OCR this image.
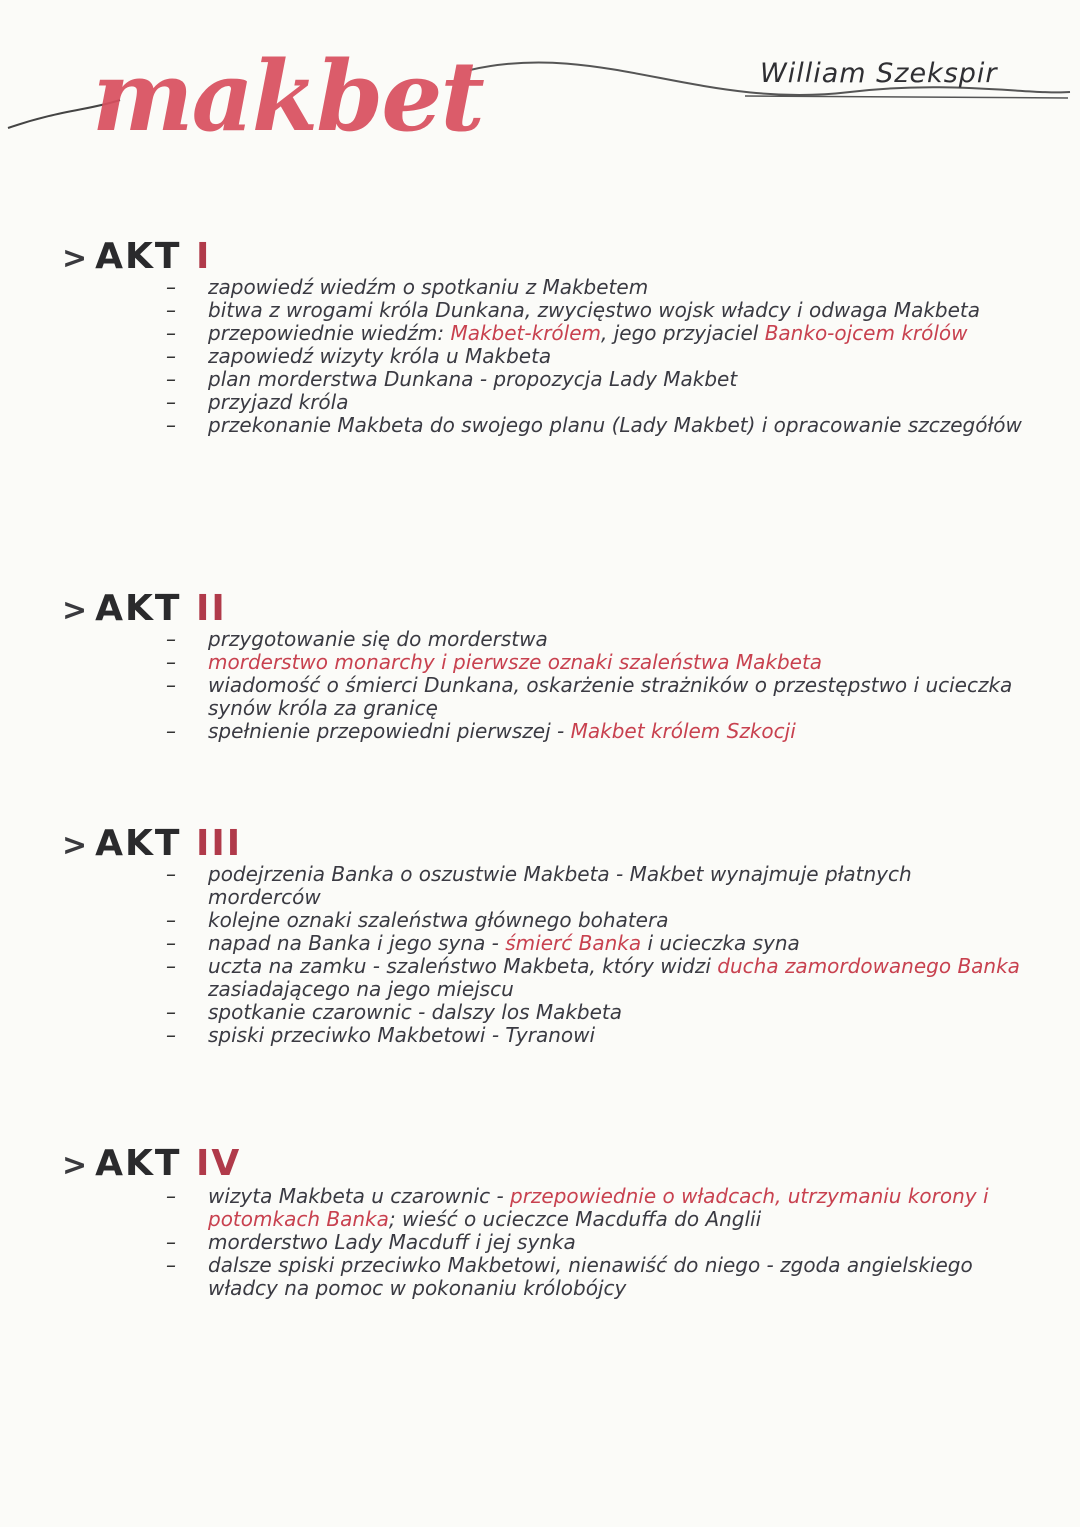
makbet	William Szekspir
> AKT I
– zapowiedź wiedźm o spotkaniu z Makbetem
– bitwa z wrogami króla Dunkana, zwycięstwo wojsk władcy i odwaga Makbeta
– przepowiednie wiedźm: Makbet-królem, jego przyjaciel Banko-ojcem królów
– zapowiedź wizyty króla u Makbeta
– plan morderstwa Dunkana - propozycja Lady Makbet
– przyjazd króla
– przekonanie Makbeta do swojego planu (Lady Makbet) i opracowanie szczegółów
> AKT II
– przygotowanie się do morderstwa
– morderstwo monarchy i pierwsze oznaki szaleństwa Makbeta
– wiadomość o śmierci Dunkana, oskarżenie strażników o przestępstwo i ucieczka synów króla za granicę
– spełnienie przepowiedni pierwszej - Makbet królem Szkocji
> AKT III
– podejrzenia Banka o oszustwie Makbeta - Makbet wynajmuje płatnych morderców
– kolejne oznaki szaleństwa głównego bohatera
– napad na Banka i jego syna - śmierć Banka i ucieczka syna
– uczta na zamku - szaleństwo Makbeta, który widzi ducha zamordowanego Banka zasiadającego na jego miejscu
– spotkanie czarownic - dalszy los Makbeta
– spiski przeciwko Makbetowi - Tyranowi
> AKT IV
– wizyta Makbeta u czarownic - przepowiednie o władcach, utrzymaniu korony i potomkach Banka; wieść o ucieczce Macduffa do Anglii
– morderstwo Lady Macduff i jej synka
– dalsze spiski przeciwko Makbetowi, nienawiść do niego - zgoda angielskiego władcy na pomoc w pokonaniu królobójcy
